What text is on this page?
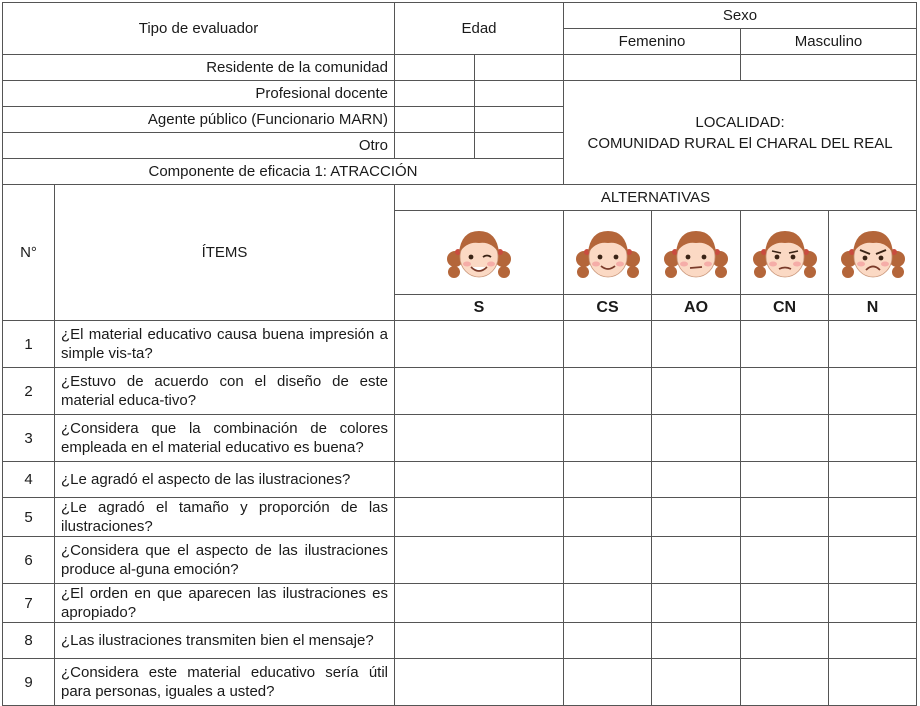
Tipo de evaluador		Edad		Sexo			
				Femenino		Masculino	
Residente de la comunidad							
Profesional docente				LOCALIDAD:
COMUNIDAD RURAL El CHARAL DEL REAL			

Agente público (Funcionario MARN)							
Otro							
Componente de eficacia 1: ATRACCIÓN							
N°	ÍTEMS	ALTERNATIVAS					

		S		CS	AO	CN	N
1	¿El material educativo causa buena impresión a simple vis-ta?						
2	¿Estuvo de acuerdo con el diseño de este material educa-tivo?						
3	¿Considera que la combinación de colores empleada en el material educativo es buena?						
4	¿Le agradó el aspecto de las ilustraciones?						
5	¿Le agradó el tamaño y proporción de las ilustraciones?						
6	¿Considera que el aspecto de las ilustraciones produce al-guna emoción?						
7	¿El orden en que aparecen las ilustraciones es apropiado?						
8	¿Las ilustraciones transmiten bien el mensaje?						
9	¿Considera este material educativo sería útil para personas, iguales a usted?						
